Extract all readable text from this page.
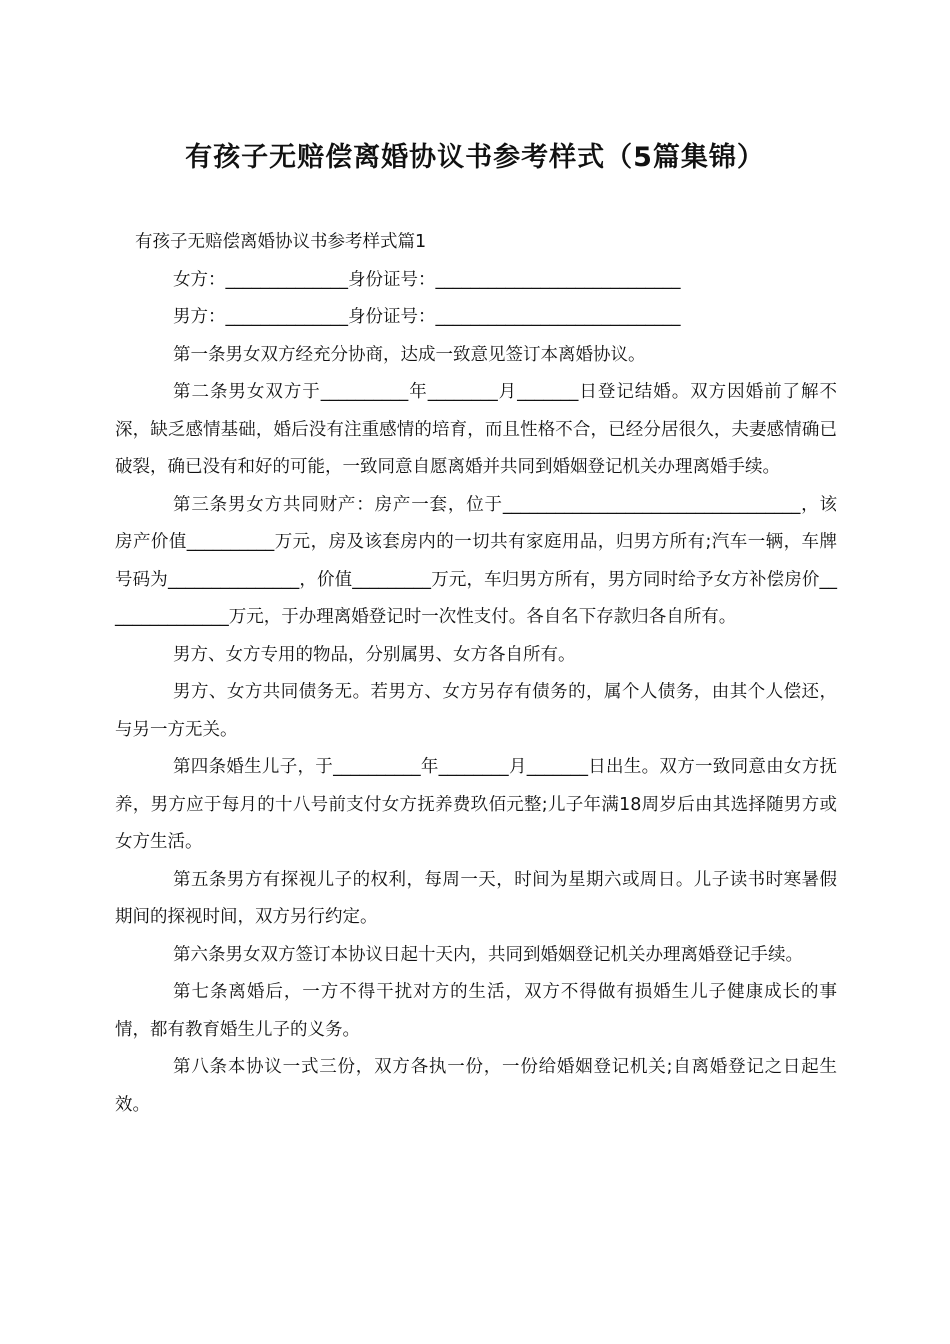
有孩子无赔偿离婚协议书参考样式（5篇集锦）

有孩子无赔偿离婚协议书参考样式篇1

女方：______________身份证号：____________________________

男方：______________身份证号：____________________________

第一条男女双方经充分协商，达成一致意见签订本离婚协议。

第二条男女双方于__________年________月_______日登记结婚。双方因婚前了解不深，缺乏感情基础，婚后没有注重感情的培育，而且性格不合，已经分居很久，夫妻感情确已破裂，确已没有和好的可能，一致同意自愿离婚并共同到婚姻登记机关办理离婚手续。

第三条男女方共同财产：房产一套，位于__________________________________，该房产价值__________万元，房及该套房内的一切共有家庭用品，归男方所有;汽车一辆，车牌号码为_______________，价值_________万元，车归男方所有，男方同时给予女方补偿房价_______________万元，于办理离婚登记时一次性支付。各自名下存款归各自所有。

男方、女方专用的物品，分别属男、女方各自所有。

男方、女方共同债务无。若男方、女方另存有债务的，属个人债务，由其个人偿还，与另一方无关。

第四条婚生儿子，于__________年________月_______日出生。双方一致同意由女方抚养，男方应于每月的十八号前支付女方抚养费玖佰元整;儿子年满18周岁后由其选择随男方或女方生活。

第五条男方有探视儿子的权利，每周一天，时间为星期六或周日。儿子读书时寒暑假期间的探视时间，双方另行约定。

第六条男女双方签订本协议日起十天内，共同到婚姻登记机关办理离婚登记手续。

第七条离婚后，一方不得干扰对方的生活，双方不得做有损婚生儿子健康成长的事情，都有教育婚生儿子的义务。

第八条本协议一式三份，双方各执一份，一份给婚姻登记机关;自离婚登记之日起生效。
